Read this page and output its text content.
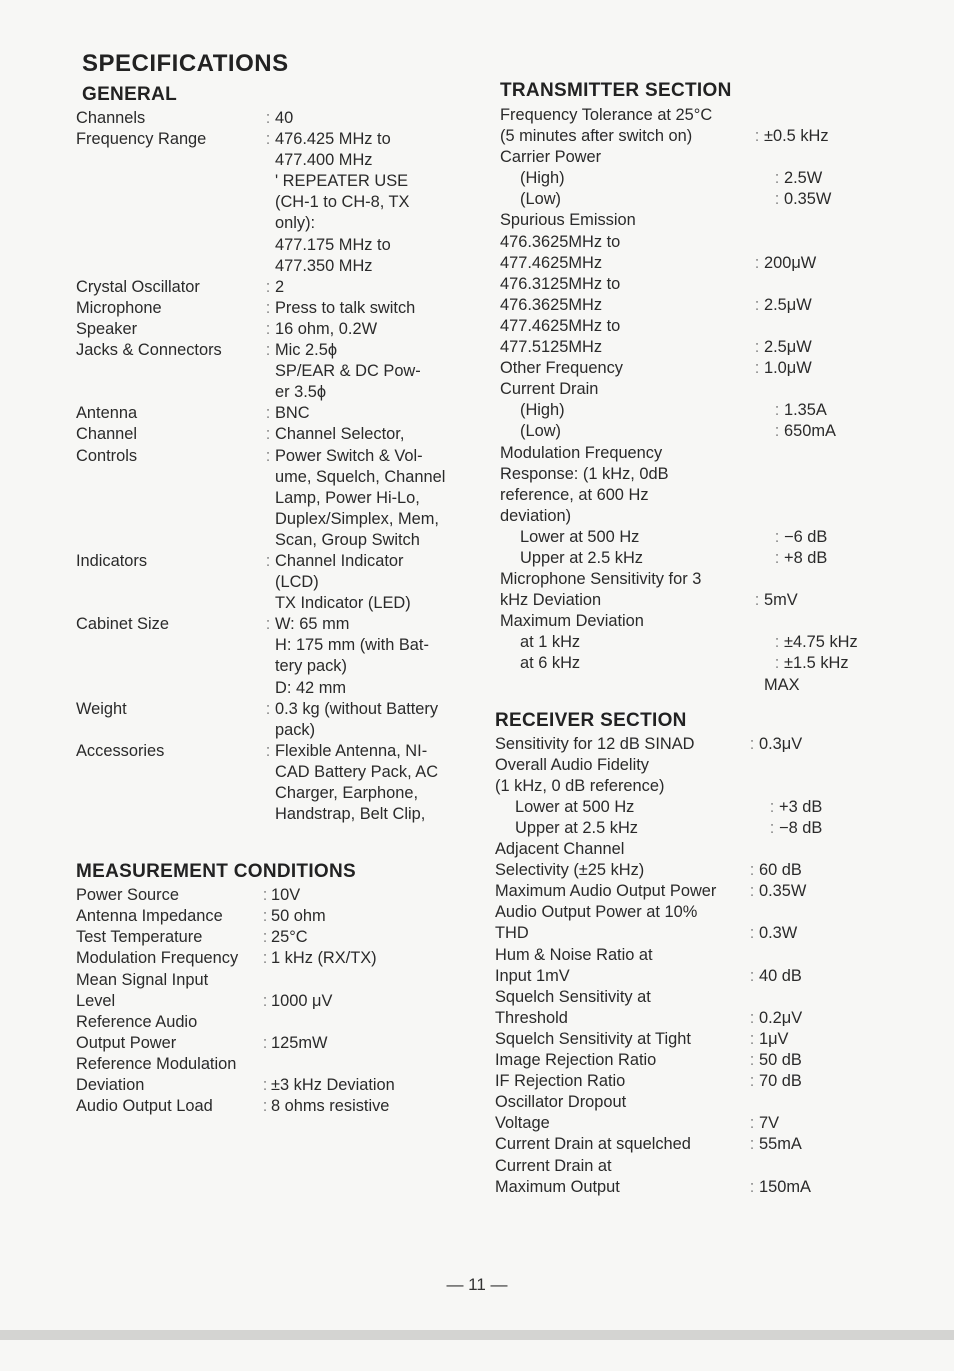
SPECIFICATIONS
GENERAL
Channels	: 40
Frequency Range	: 476.425 MHz to
477.400 MHz
' REPEATER USE
(CH-1 to CH-8, TX
only):
477.175 MHz to
477.350 MHz
Crystal Oscillator	: 2
Microphone	: Press to talk switch
Speaker	: 16 ohm, 0.2W
Jacks & Connectors	: Mic 2.5ϕ
SP/EAR & DC Pow-
er 3.5ϕ
Antenna	: BNC
Channel	: Channel Selector,
Controls	: Power Switch & Vol-
ume, Squelch, Channel
Lamp, Power Hi-Lo,
Duplex/Simplex, Mem,
Scan, Group Switch
Indicators	: Channel Indicator
(LCD)
TX Indicator (LED)
Cabinet Size	: W: 65 mm
H: 175 mm (with Bat-
tery pack)
D: 42 mm
Weight	: 0.3 kg (without Battery
pack)
Accessories	: Flexible Antenna, NI-
CAD Battery Pack, AC
Charger, Earphone,
Handstrap, Belt Clip,
MEASUREMENT CONDITIONS
Power Source	: 10V
Antenna Impedance	: 50 ohm
Test Temperature	: 25°C
Modulation Frequency	: 1 kHz (RX/TX)
Mean Signal Input
Level	: 1000 μV
Reference Audio
Output Power	: 125mW
Reference Modulation
Deviation	: ±3 kHz Deviation
Audio Output Load	: 8 ohms resistive
TRANSMITTER SECTION
Frequency Tolerance at 25°C
(5 minutes after switch on)	: ±0.5 kHz
Carrier Power
(High)	: 2.5W
(Low)	: 0.35W
Spurious Emission
476.3625MHz to
477.4625MHz	: 200μW
476.3125MHz to
476.3625MHz	: 2.5μW
477.4625MHz to
477.5125MHz	: 2.5μW
Other Frequency	: 1.0μW
Current Drain
(High)	: 1.35A
(Low)	: 650mA
Modulation Frequency
Response: (1 kHz, 0dB
reference, at 600 Hz
deviation)
Lower at 500 Hz	: −6 dB
Upper at 2.5 kHz	: +8 dB
Microphone Sensitivity for 3
kHz Deviation	: 5mV
Maximum Deviation
at 1 kHz	: ±4.75 kHz
at 6 kHz	: ±1.5 kHz
MAX
RECEIVER SECTION
Sensitivity for 12 dB SINAD	: 0.3μV
Overall Audio Fidelity
(1 kHz, 0 dB reference)
Lower at 500 Hz	: +3 dB
Upper at 2.5 kHz	: −8 dB
Adjacent Channel
Selectivity (±25 kHz)	: 60 dB
Maximum Audio Output Power	: 0.35W
Audio Output Power at 10%
THD	: 0.3W
Hum & Noise Ratio at
Input 1mV	: 40 dB
Squelch Sensitivity at
Threshold	: 0.2μV
Squelch Sensitivity at Tight	: 1μV
Image Rejection Ratio	: 50 dB
IF Rejection Ratio	: 70 dB
Oscillator Dropout
Voltage	: 7V
Current Drain at squelched	: 55mA
Current Drain at
Maximum Output	: 150mA
— 11 —
